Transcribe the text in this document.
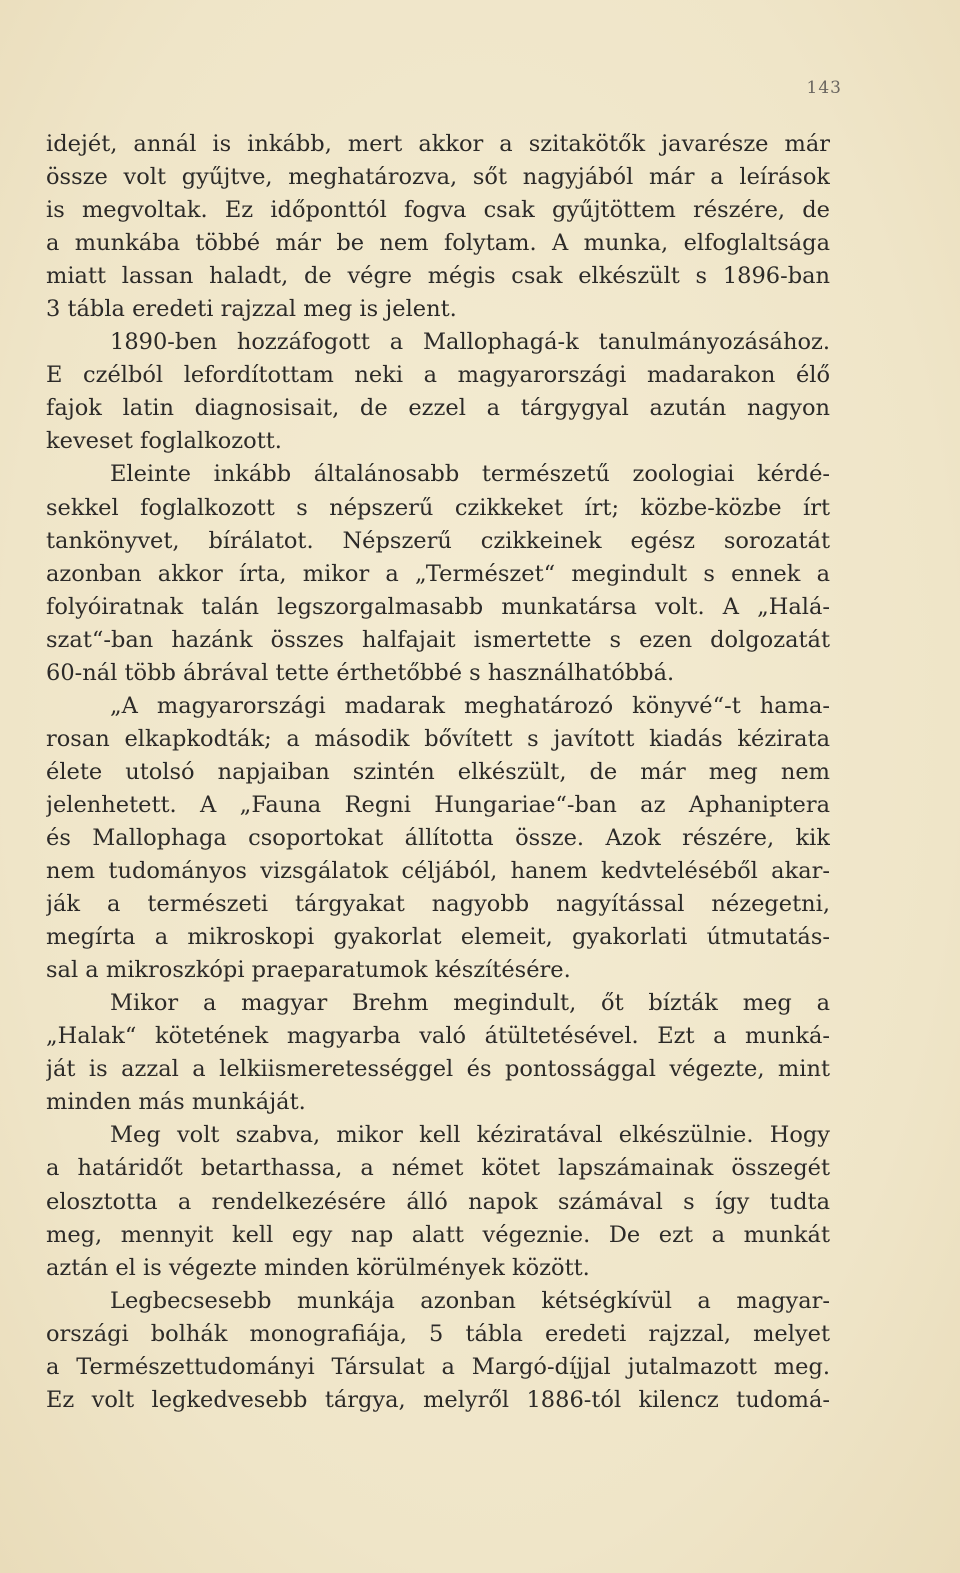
143
idejét, annál is inkább, mert akkor a szitakötők javarésze már
össze volt gyűjtve, meghatározva, sőt nagyjából már a leírások
is megvoltak. Ez időponttól fogva csak gyűjtöttem részére, de
a munkába többé már be nem folytam. A munka, elfoglaltsága
miatt lassan haladt, de végre mégis csak elkészült s 1896-ban
3 tábla eredeti rajzzal meg is jelent.
1890-ben hozzáfogott a Mallophagá-k tanulmányozásához.
E czélból lefordítottam neki a magyarországi madarakon élő
fajok latin diagnosisait, de ezzel a tárgygyal azután nagyon
keveset foglalkozott.
Eleinte inkább általánosabb természetű zoologiai kérdé-
sekkel foglalkozott s népszerű czikkeket írt; közbe-közbe írt
tankönyvet, bírálatot. Népszerű czikkeinek egész sorozatát
azonban akkor írta, mikor a „Természet“ megindult s ennek a
folyóiratnak talán legszorgalmasabb munkatársa volt. A „Halá-
szat“-ban hazánk összes halfajait ismertette s ezen dolgozatát
60-nál több ábrával tette érthetőbbé s használhatóbbá.
„A magyarországi madarak meghatározó könyvé“-t hama-
rosan elkapkodták; a második bővített s javított kiadás kézirata
élete utolsó napjaiban szintén elkészült, de már meg nem
jelenhetett. A „Fauna Regni Hungariae“-ban az Aphaniptera
és Mallophaga csoportokat állította össze. Azok részére, kik
nem tudományos vizsgálatok céljából, hanem kedvteléséből akar-
ják a természeti tárgyakat nagyobb nagyítással nézegetni,
megírta a mikroskopi gyakorlat elemeit, gyakorlati útmutatás-
sal a mikroszkópi praeparatumok készítésére.
Mikor a magyar Brehm megindult, őt bízták meg a
„Halak“ kötetének magyarba való átültetésével. Ezt a munká-
ját is azzal a lelkiismeretességgel és pontossággal végezte, mint
minden más munkáját.
Meg volt szabva, mikor kell kéziratával elkészülnie. Hogy
a határidőt betarthassa, a német kötet lapszámainak összegét
elosztotta a rendelkezésére álló napok számával s így tudta
meg, mennyit kell egy nap alatt végeznie. De ezt a munkát
aztán el is végezte minden körülmények között.
Legbecsesebb munkája azonban kétségkívül a magyar-
országi bolhák monografiája, 5 tábla eredeti rajzzal, melyet
a Természettudományi Társulat a Margó-díjjal jutalmazott meg.
Ez volt legkedvesebb tárgya, melyről 1886-tól kilencz tudomá-
